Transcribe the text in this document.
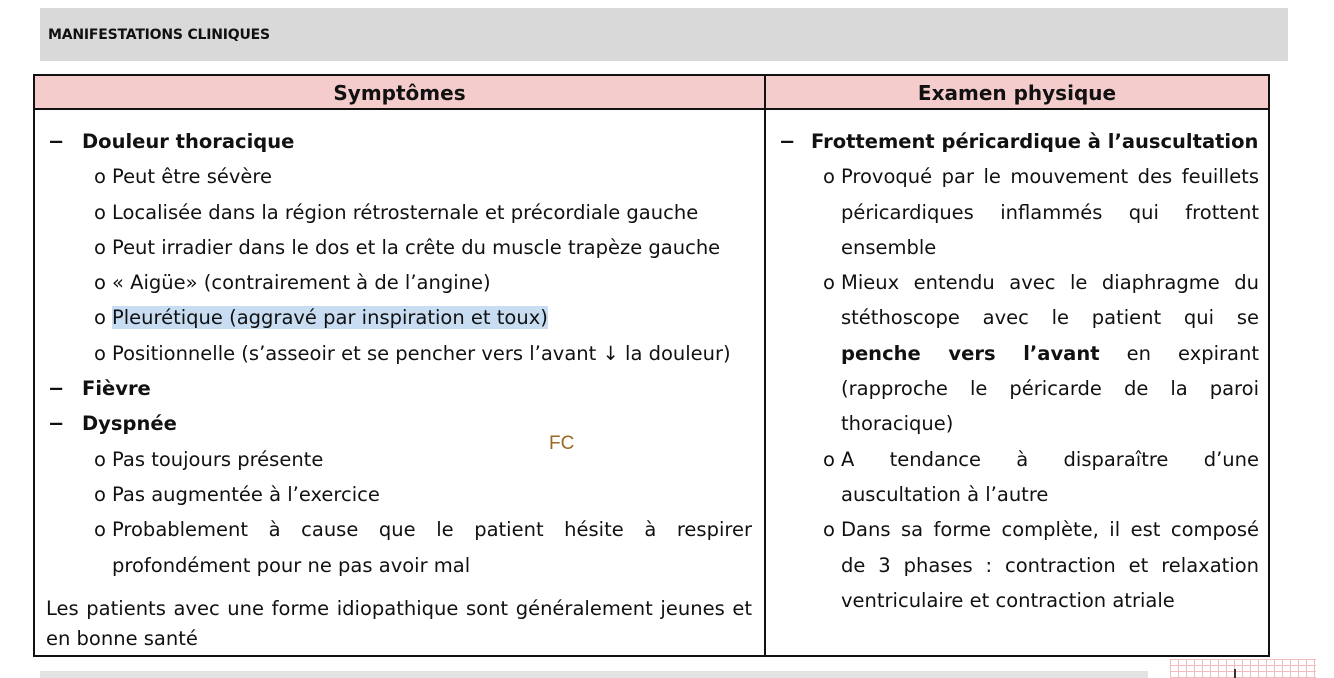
MANIFESTATIONS CLINIQUES
Symptômes	Examen physique
− Douleur thoracique
o Peut être sévère
o Localisée dans la région rétrosternale et précordiale gauche
o Peut irradier dans le dos et la crête du muscle trapèze gauche
o « Aigüe» (contrairement à de l’angine)
o Pleurétique (aggravé par inspiration et toux)
o Positionnelle (s’asseoir et se pencher vers l’avant ↓ la douleur)
− Fièvre
− Dyspnée
o Pas toujours présente
o Pas augmentée à l’exercice
o Probablement à cause que le patient hésite à respirer profondément pour ne pas avoir mal
Les patients avec une forme idiopathique sont généralement jeunes et en bonne santé
− Frottement péricardique à l’auscultation
o Provoqué par le mouvement des feuillets péricardiques inflammés qui frottent ensemble
o Mieux entendu avec le diaphragme du stéthoscope avec le patient qui se penche vers l’avant en expirant (rapproche le péricarde de la paroi thoracique)
o A tendance à disparaître d’une auscultation à l’autre
o Dans sa forme complète, il est composé de 3 phases : contraction et relaxation ventriculaire et contraction atriale
FC
